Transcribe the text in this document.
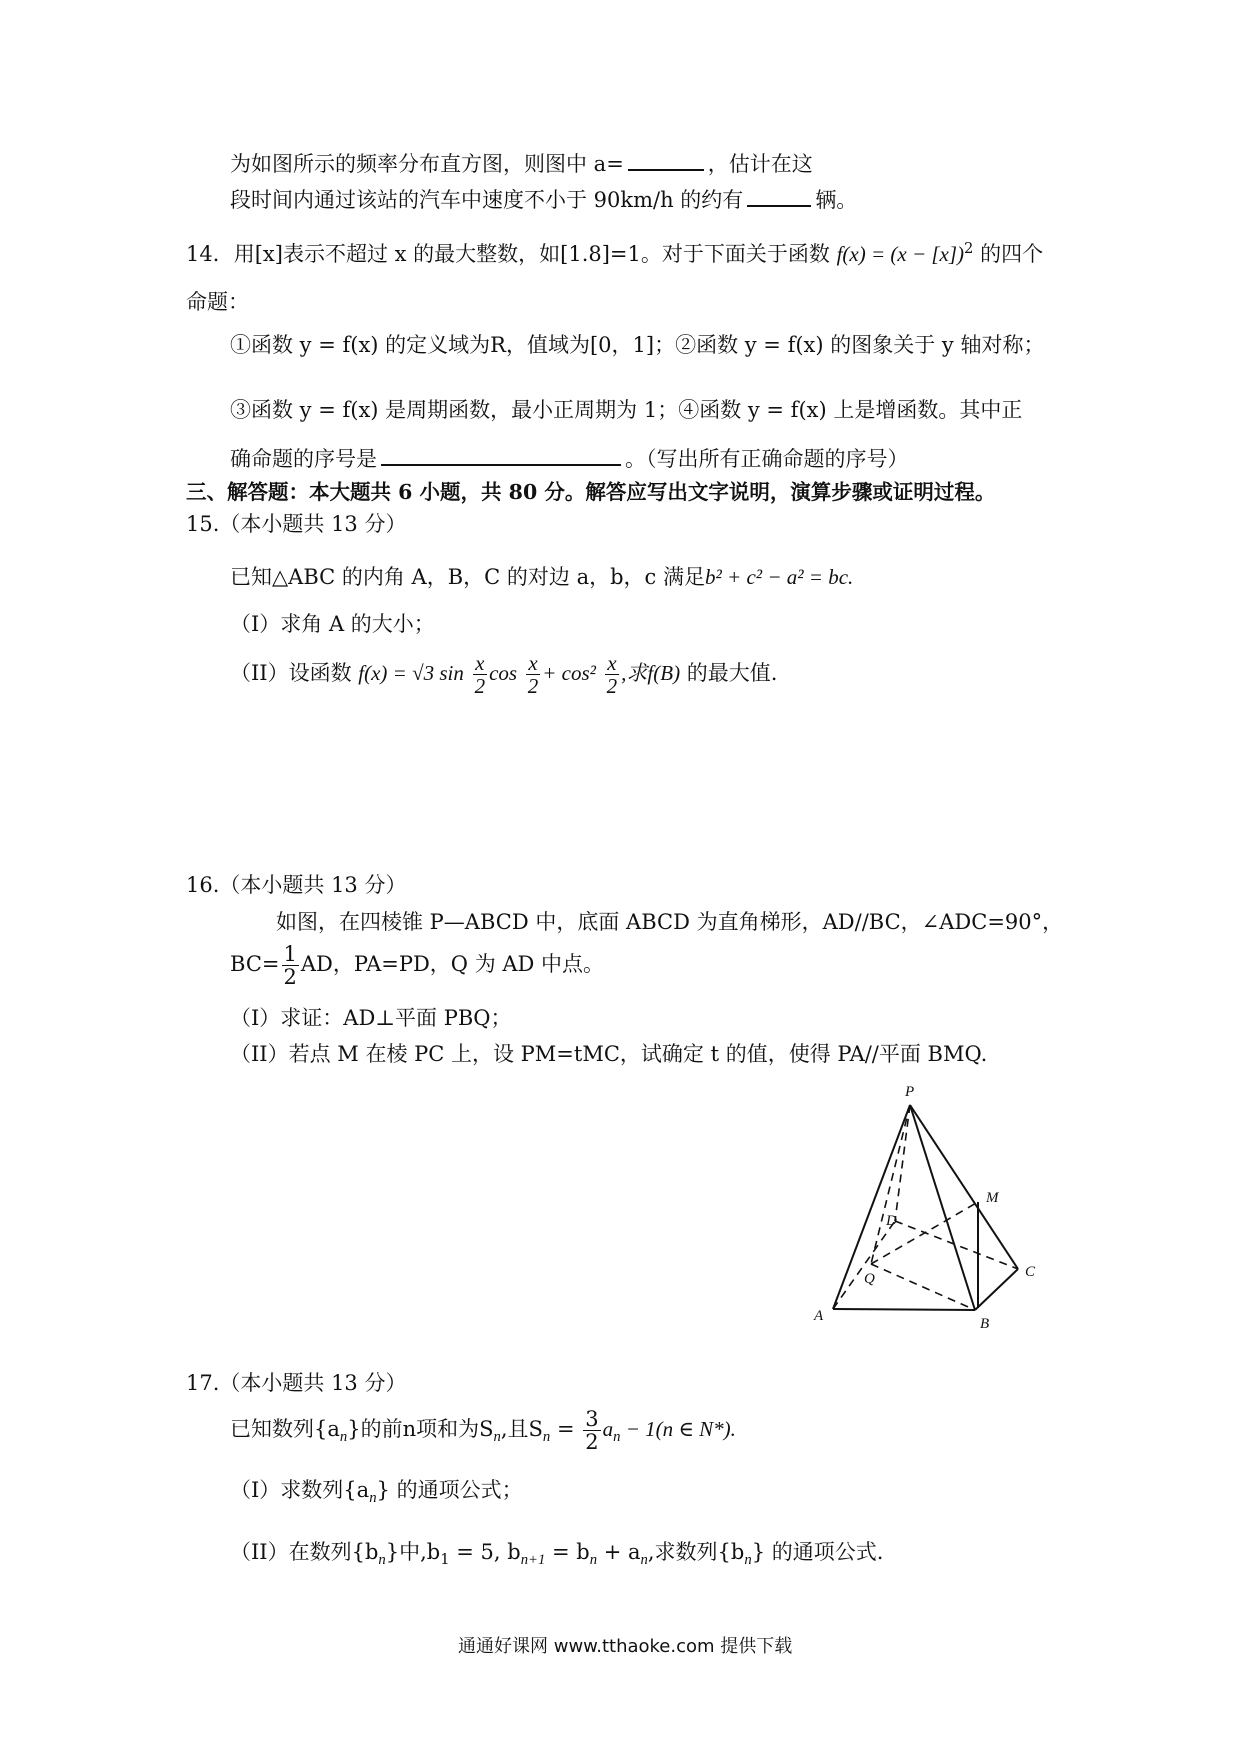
为如图所示的频率分布直方图，则图中 a=	，估计在这
段时间内通过该站的汽车中速度不小于 90km/h 的约有	辆。
14．用[x]表示不超过 x 的最大整数，如[1.8]=1。对于下面关于函数 $f(x) = (x - [x])^2$ 的四个
命题：
①函数 y = f(x) 的定义域为R，值域为[0，1]；②函数 y = f(x) 的图象关于 y 轴对称；
③函数 y = f(x) 是周期函数，最小正周期为 1；④函数 y = f(x) 上是增函数。其中正
确命题的序号是	。（写出所有正确命题的序号）
三、解答题：本大题共 6 小题，共 80 分。解答应写出文字说明，演算步骤或证明过程。
15.（本小题共 13 分）
已知△ABC 的内角 A，B，C 的对边 a，b，c 满足b² + c² − a² = bc.
（I）求角 A 的大小；
（II）设函数 f(x) = √3 $\sin \frac{x}{2}$ $\cos \frac{x}{2} + \cos^2 \frac{x}{2}$ ,求f(B) 的最大值.
16.（本小题共 13 分）
如图，在四棱锥 P—ABCD 中，底面 ABCD 为直角梯形，AD//BC，∠ADC=90°，
$BC= \frac{1}{2}$ AD，PA=PD，Q 为 AD 中点。
（I）求证：AD⊥平面 PBQ；
（II）若点 M 在棱 PC 上，设 PM=tMC，试确定 t 的值，使得 PA//平面 BMQ.
P
M
D
C
Q
A	B
17.（本小题共 13 分）
已知数列$\{a_n\}$的前n项和为$S_n$,且$S_n = \frac{3}{2} a_n - 1(n$ ∈ N*).
（I）求数列$\{a_n\}$ 的通项公式；
（II）在数列$\{b_n\}$中$,b_1 = 5$, $b_{n+1} = b_n + a_n$,求数列$\{b_n\}$ 的通项公式.
通通好课网 www.tthaoke.com 提供下载
